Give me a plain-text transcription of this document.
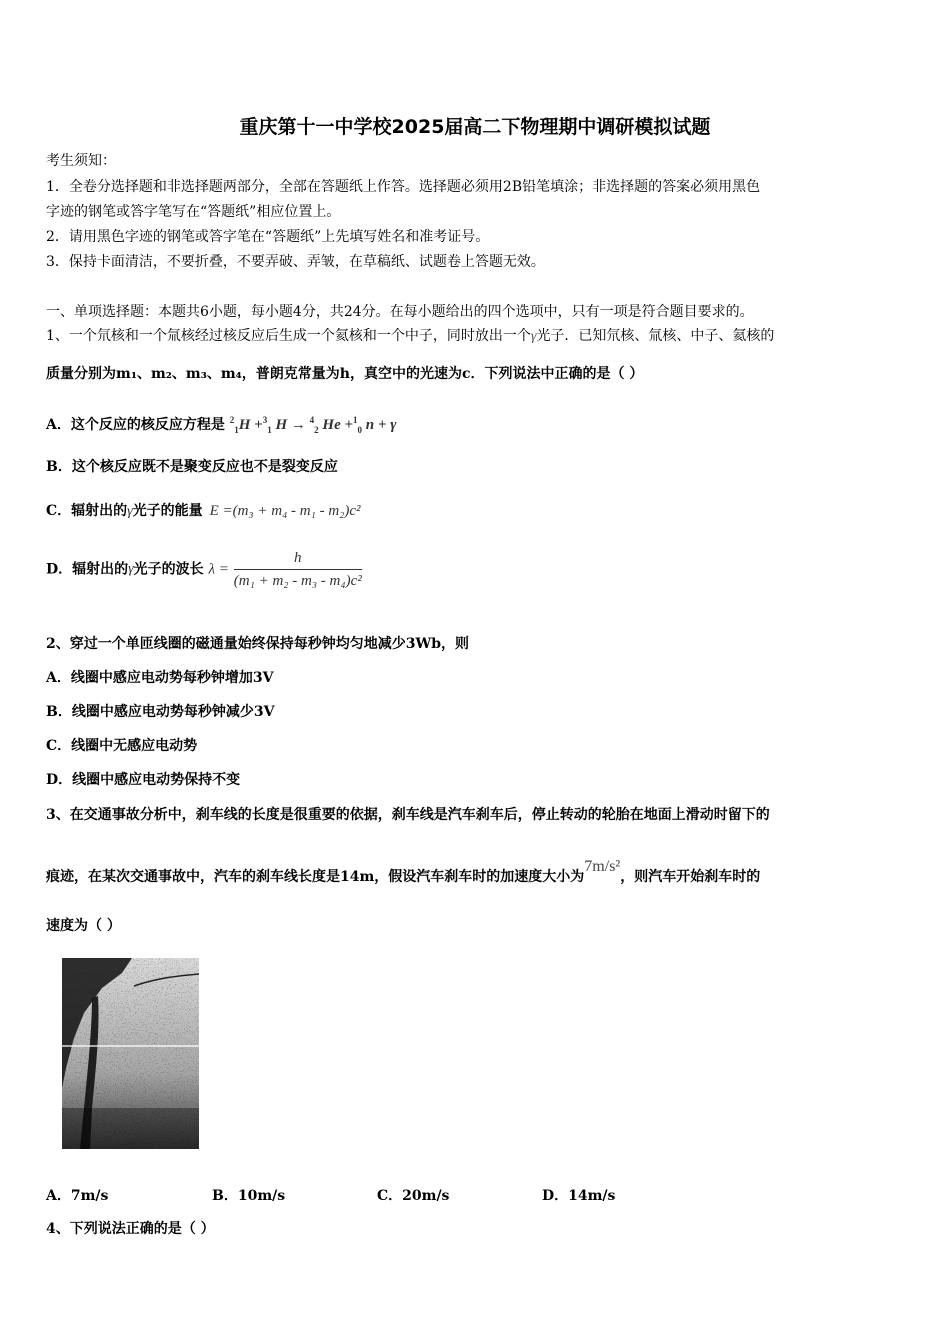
重庆第十一中学校2025届高二下物理期中调研模拟试题
考生须知：
1．全卷分选择题和非选择题两部分，全部在答题纸上作答。选择题必须用2B铅笔填涂；非选择题的答案必须用黑色
字迹的钢笔或答字笔写在“答题纸”相应位置上。
2．请用黑色字迹的钢笔或答字笔在“答题纸”上先填写姓名和准考证号。
3．保持卡面清洁，不要折叠，不要弄破、弄皱，在草稿纸、试题卷上答题无效。
一、单项选择题：本题共6小题，每小题4分，共24分。在每小题给出的四个选项中，只有一项是符合题目要求的。
1、一个氘核和一个氚核经过核反应后生成一个氦核和一个中子，同时放出一个γ光子．已知氘核、氚核、中子、氦核的
质量分别为m₁、m₂、m₃、m₄，普朗克常量为h，真空中的光速为c．下列说法中正确的是（ ）
A．这个反应的核反应方程是 $^2_1$H +$^3_1$ H → $^4_2$ He +$^1_0$ n + γ
B．这个核反应既不是聚变反应也不是裂变反应
C．辐射出的γ光子的能量 E =(m₃ + m₄ - m₁ - m₂)c²
D．辐射出的γ光子的波长 $\lambda = \frac{h}{\text{(m₁ + m₂ - m₃ - m₄)c²}}$
2、穿过一个单匝线圈的磁通量始终保持每秒钟均匀地减少3Wb，则
A．线圈中感应电动势每秒钟增加3V
B．线圈中感应电动势每秒钟减少3V
C．线圈中无感应电动势
D．线圈中感应电动势保持不变
3、在交通事故分析中，刹车线的长度是很重要的依据，刹车线是汽车刹车后，停止转动的轮胎在地面上滑动时留下的
痕迹，在某次交通事故中，汽车的刹车线长度是14m，假设汽车刹车时的加速度大小为7m/s²，则汽车开始刹车时的
速度为（ ）
A．7m/s	B．10m/s	C．20m/s	D．14m/s
4、下列说法正确的是（ ）
